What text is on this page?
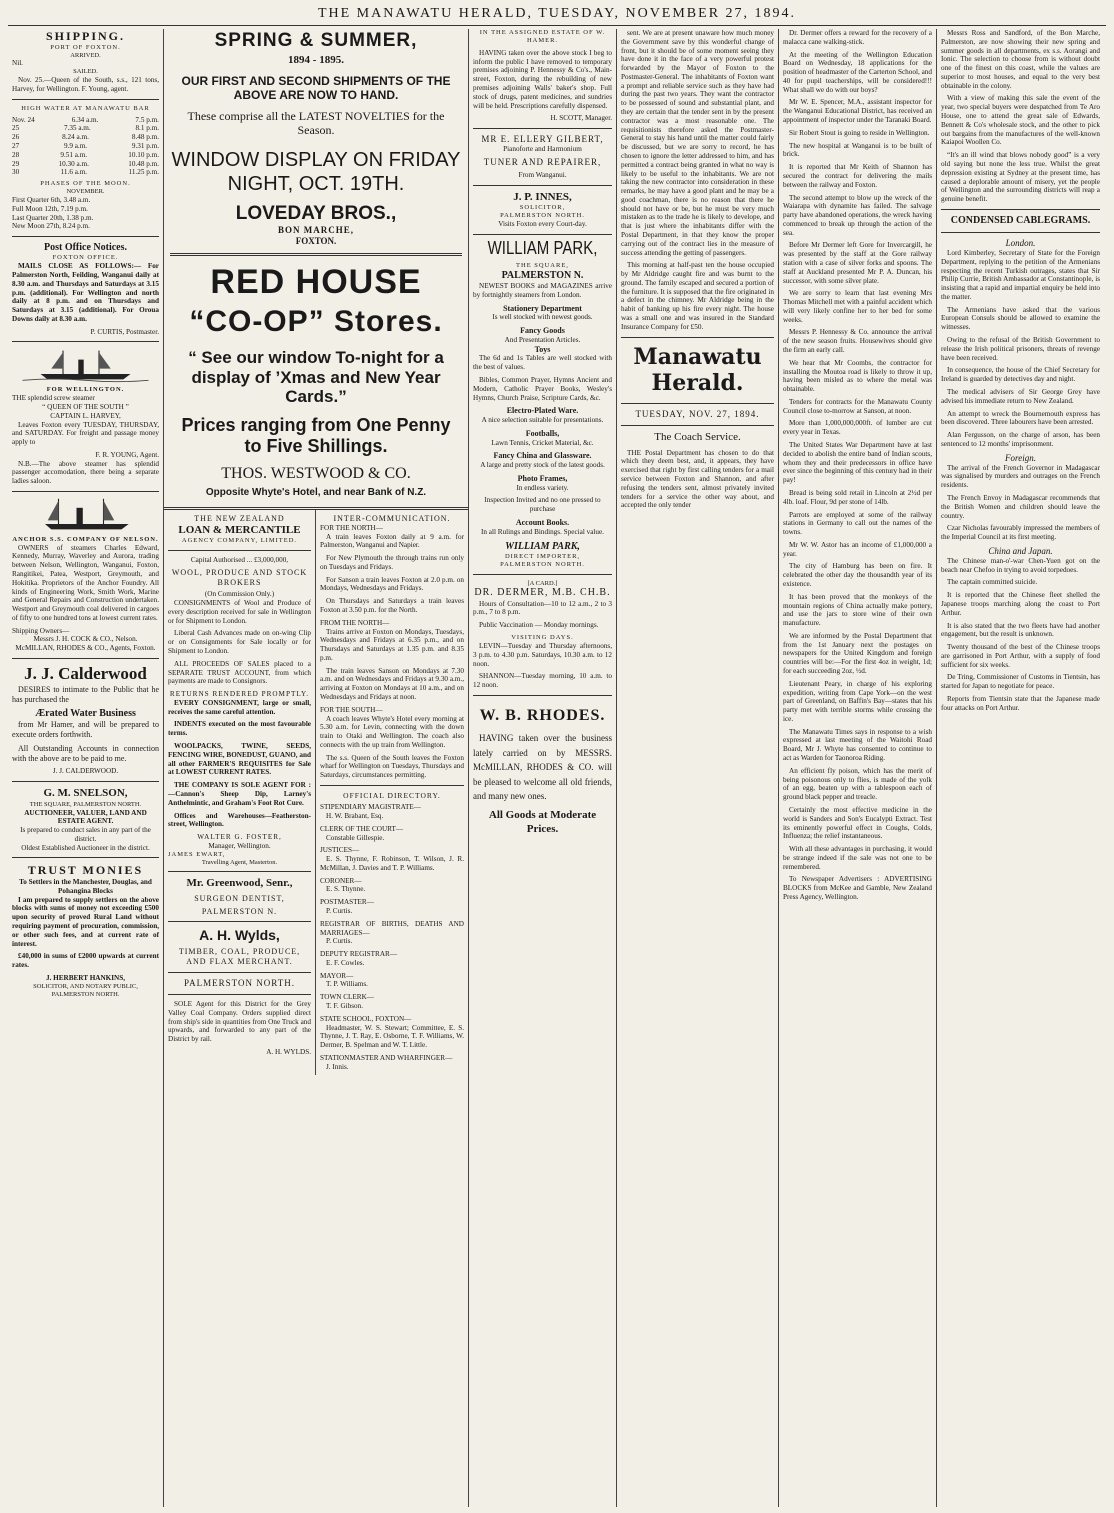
THE MANAWATU HERALD, TUESDAY, NOVEMBER 27, 1894.
SHIPPING.
PORT OF FOXTON.
ARRIVED.
Nil.
SAILED.
Nov. 25.—Queen of the South, s.s., 121 tons, Harvey, for Wellington. F. Young, agent.
HIGH WATER AT MANAWATU BAR
Nov. 24	6.34 a.m.	7.5 p.m.
25	7.35 a.m.	8.1 p.m.
26	8.24 a.m.	8.48 p.m.
27	9.9 a.m.	9.31 p.m.
28	9.51 a.m.	10.10 p.m.
29	10.30 a.m.	10.48 p.m.
30	11.6 a.m.	11.25 p.m.
PHASES OF THE MOON.
NOVEMBER.
First Quarter 6th, 3.48 a.m.
Full Moon 12th, 7.19 p.m.
Last Quarter 20th, 1.38 p.m.
New Moon 27th, 8.24 p.m.
Post Office Notices.
FOXTON OFFICE.
MAILS CLOSE AS FOLLOWS:— For Palmerston North, Feilding, Wanganui daily at 8.30 a.m. and Thursdays and Saturdays at 3.15 p.m. (additional). For Wellington and north daily at 8 p.m. and on Thursdays and Saturdays at 3.15 (additional). For Oroua Downs daily at 8.30 a.m.
P. CURTIS, Postmaster.
FOR WELLINGTON.
THE splendid screw steamer
“ QUEEN OF THE SOUTH ”
CAPTAIN L. HARVEY,
Leaves Foxton every TUESDAY, THURSDAY, and SATURDAY. For freight and passage money apply to
F. R. YOUNG, Agent.
N.B.—The above steamer has splendid passenger accomodation, there being a separate ladies saloon.
ANCHOR S.S. COMPANY OF NELSON.
OWNERS of steamers Charles Edward, Kennedy, Murray, Waverley and Aurora, trading between Nelson, Wellington, Wanganui, Foxton, Rangitikei, Patea, Westport, Greymouth, and Hokitika. Proprietors of the Anchor Foundry. All kinds of Engineering Work, Smith Work, Marine and General Repairs and Construction undertaken. Westport and Greymouth coal delivered in cargoes of fifty to one hundred tons at lowest current rates.
Shipping Owners—
Messrs J. H. COCK & CO., Nelson.
McMILLAN, RHODES & CO., Agents, Foxton.
J. J. Calderwood
DESIRES to intimate to the Public that he has purchased the
Ærated Water Business
from Mr Hamer, and will be prepared to execute orders forthwith.
All Outstanding Accounts in connection with the above are to be paid to me.
J. J. CALDERWOOD.
G. M. SNELSON,
THE SQUARE, PALMERSTON NORTH.
AUCTIONEER, VALUER, LAND AND ESTATE AGENT.
Is prepared to conduct sales in any part of the district.
Oldest Established Auctioneer in the district.
TRUST MONIES
To Settlers in the Manchester, Douglas, and Pohangina Blocks
I am prepared to supply settlers on the above blocks with sums of money not exceeding £500 upon security of proved Rural Land without requiring payment of procuration, commission, or other such fees, and at current rate of interest.
£40,000 in sums of £2000 upwards at current rates.
J. HERBERT HANKINS,
SOLICITOR, AND NOTARY PUBLIC,
PALMERSTON NORTH.
SPRING & SUMMER,
1894 - 1895.
OUR FIRST AND SECOND SHIPMENTS OF THE ABOVE ARE NOW TO HAND.
These comprise all the LATEST NOVELTIES for the Season.
WINDOW DISPLAY ON FRIDAY NIGHT, OCT. 19TH.
LOVEDAY BROS.,
BON MARCHE,
FOXTON.
RED HOUSE
“CO-OP” Stores.
“ See our window To-night for a display of ’Xmas and New Year Cards.”
Prices ranging from One Penny to Five Shillings.
THOS. WESTWOOD & CO.
Opposite Whyte's Hotel, and near Bank of N.Z.
THE NEW ZEALAND
LOAN & MERCANTILE
AGENCY COMPANY, LIMITED.
Capital Authorised ... £3,000,000,
WOOL, PRODUCE AND STOCK BROKERS
(On Commission Only.)
CONSIGNMENTS of Wool and Produce of every description received for sale in Wellington or for Shipment to London.
Liberal Cash Advances made on on-wing Clip or on Consignments for Sale locally or for Shipment to London.
ALL PROCEEDS OF SALES placed to a SEPARATE TRUST ACCOUNT, from which payments are made to Consignors.
RETURNS RENDERED PROMPTLY.
EVERY CONSIGNMENT, large or small, receives the same careful attention.
INDENTS executed on the most favourable terms.
WOOLPACKS, TWINE, SEEDS, FENCING WIRE, BONEDUST, GUANO, and all other FARMER'S REQUISITES for Sale at LOWEST CURRENT RATES.
THE COMPANY IS SOLE AGENT FOR :—Cannon's Sheep Dip, Larney's Anthelmintic, and Graham's Foot Rot Cure.
Offices and Warehouses—Featherston-street, Wellington.
WALTER G. FOSTER,
Manager, Wellington.
JAMES EWART,
Travelling Agent, Masterton.
Mr. Greenwood, Senr.,
SURGEON DENTIST,
PALMERSTON N.
A. H. Wylds,
TIMBER, COAL, PRODUCE, AND FLAX MERCHANT.
PALMERSTON NORTH.
SOLE Agent for this District for the Grey Valley Coal Company. Orders supplied direct from ship's side in quantities from One Truck and upwards, and forwarded to any part of the District by rail.
A. H. WYLDS.
INTER-COMMUNICATION.
FOR THE NORTH—
A train leaves Foxton daily at 9 a.m. for Palmerston, Wanganui and Napier.
For New Plymouth the through trains run only on Tuesdays and Fridays.
For Sanson a train leaves Foxton at 2.0 p.m. on Mondays, Wednesdays and Fridays.
On Thursdays and Saturdays a train leaves Foxton at 3.50 p.m. for the North.
FROM THE NORTH—
Trains arrive at Foxton on Mondays, Tuesdays, Wednesdays and Fridays at 6.35 p.m., and on Thursdays and Saturdays at 1.35 p.m. and 8.35 p.m.
The train leaves Sanson on Mondays at 7.30 a.m. and on Wednesdays and Fridays at 9.30 a.m., arriving at Foxton on Mondays at 10 a.m., and on Wednesdays and Fridays at noon.
FOR THE SOUTH—
A coach leaves Whyte's Hotel every morning at 5.30 a.m. for Levin, connecting with the down train to Otaki and Wellington. The coach also connects with the up train from Wellington.
The s.s. Queen of the South leaves the Foxton wharf for Wellington on Tuesdays, Thursdays and Saturdays, circumstances permitting.
OFFICIAL DIRECTORY.
STIPENDIARY MAGISTRATE—
H. W. Brabant, Esq.
CLERK OF THE COURT—
Constable Gillespie.
JUSTICES—
E. S. Thynne, F. Robinson, T. Wilson, J. R. McMillan, J. Davies and T. P. Williams.
CORONER—
E. S. Thynne.
POSTMASTER—
P. Curtis.
REGISTRAR OF BIRTHS, DEATHS AND MARRIAGES—
P. Curtis.
DEPUTY REGISTRAR—
E. F. Cowles.
MAYOR—
T. P. Williams.
TOWN CLERK—
T. F. Gibson.
STATE SCHOOL, FOXTON—
Headmaster, W. S. Stewart; Committee, E. S. Thynne, J. T. Ray, E. Osborne, T. F. Williams, W. Dermer, B. Spelman and W. T. Little.
STATIONMASTER AND WHARFINGER—
J. Innis.
IN THE ASSIGNED ESTATE OF W. HAMER.
HAVING taken over the above stock I beg to inform the public I have removed to temporary premises adjoining P. Hennessy & Co's., Main-street, Foxton, during the rebuilding of new premises adjoining Walls' baker's shop. Full stock of drugs, patent medicines, and sundries will be held. Prescriptions carefully dispensed.
H. SCOTT, Manager.
MR E. ELLERY GILBERT,
Pianoforte and Harmonium
TUNER AND REPAIRER,
From Wanganui.
J. P. INNES,
SOLICITOR,
PALMERSTON NORTH.
Visits Foxton every Court-day.
WILLIAM PARK,
THE SQUARE,
PALMERSTON N.
NEWEST BOOKS and MAGAZINES arrive by fortnightly steamers from London.
Stationery Department
Is well stocked with newest goods.
Fancy Goods
And Presentation Articles.
Toys
The 6d and 1s Tables are well stocked with the best of values.
Bibles, Common Prayer, Hymns Ancient and Modern, Catholic Prayer Books, Wesley's Hymns, Church Praise, Scripture Cards, &c.
Electro-Plated Ware.
A nice selection suitable for presentations.
Footballs,
Lawn Tennis, Cricket Material, &c.
Fancy China and Glassware.
A large and pretty stock of the latest goods.
Photo Frames,
In endless variety.
Inspection Invited and no one pressed to purchase
Account Books.
In all Rulings and Bindings. Special value.
WILLIAM PARK,
DIRECT IMPORTER,
PALMERSTON NORTH.
[A CARD.]
DR. DERMER, M.B. CH.B.
Hours of Consultation—10 to 12 a.m., 2 to 3 p.m., 7 to 8 p.m.
Public Vaccination — Monday mornings.
VISITING DAYS.
LEVIN—Tuesday and Thursday afternoons, 3 p.m. to 4.30 p.m. Saturdays, 10.30 a.m. to 12 noon.
SHANNON—Tuesday morning, 10 a.m. to 12 noon.
W. B. RHODES.
HAVING taken over the business lately carried on by MESSRS. McMILLAN, RHODES & CO. will be pleased to welcome all old friends, and many new ones.
All Goods at Moderate Prices.
sent. We are at present unaware how much money the Government save by this wonderful change of front, but it should be of some moment seeing they have done it in the face of a very powerful protest forwarded by the Mayor of Foxton to the Postmaster-General. The inhabitants of Foxton want a prompt and reliable service such as they have had during the past two years. They want the contractor to be possessed of sound and substantial plant, and they are certain that the tender sent in by the present contractor was a most reasonable one. The requisitionists therefore asked the Postmaster-General to stay his hand until the matter could fairly be discussed, but we are sorry to record, he has chosen to ignore the letter addressed to him, and has permitted a contract being granted in what no way is likely to be useful to the inhabitants. We are not taking the new contractor into consideration in these remarks, he may have a good plant and he may be a good coachman, there is no reason that there he should not have or be, but he must be very much mistaken as to the trade he is likely to develope, and that is just where the inhabitants differ with the Postal Department, in that they know the proper carrying out of the contract lies in the measure of success attending the getting of passengers.
This morning at half-past ten the house occupied by Mr Aldridge caught fire and was burnt to the ground. The family escaped and secured a portion of the furniture. It is supposed that the fire originated in a defect in the chimney. Mr Aldridge being in the habit of banking up his fire every night. The house was a small one and was insured in the Standard Insurance Company for £50.
Manawatu Herald.
TUESDAY, NOV. 27, 1894.
The Coach Service.
THE Postal Department has chosen to do that which they deem best, and, it appears, they have exercised that right by first calling tenders for a mail service between Foxton and Shannon, and after refusing the tenders sent, almost privately invited tenders for a service the other way about, and accepted the only tender
Dr. Dermer offers a reward for the recovery of a malacca cane walking-stick.
At the meeting of the Wellington Education Board on Wednesday, 18 applications for the position of headmaster of the Carterton School, and 40 for pupil teacherships, will be considered!!! What shall we do with our boys?
Mr W. E. Spencer, M.A., assistant inspector for the Wanganui Educational District, has received an appointment of inspector under the Taranaki Board.
Sir Robert Stout is going to reside in Wellington.
The new hospital at Wanganui is to be built of brick.
It is reported that Mr Keith of Shannon has secured the contract for delivering the mails between the railway and Foxton.
The second attempt to blow up the wreck of the Waiarapa with dynamite has failed. The salvage party have abandoned operations, the wreck having commenced to break up through the action of the sea.
Before Mr Dermer left Gore for Invercargill, he was presented by the staff at the Gore railway station with a case of silver forks and spoons. The staff at Auckland presented Mr P. A. Duncan, his successor, with some silver plate.
We are sorry to learn that last evening Mrs Thomas Mitchell met with a painful accident which will very likely confine her to her bed for some weeks.
Messrs P. Hennessy & Co. announce the arrival of the new season fruits. Housewives should give the firm an early call.
We hear that Mr Coombs, the contractor for installing the Moutoa road is likely to throw it up, having been misled as to where the metal was obtainable.
Tenders for contracts for the Manawatu County Council close to-morrow at Sanson, at noon.
More than 1,000,000,000ft. of lumber are cut every year in Texas.
The United States War Department have at last decided to abolish the entire band of Indian scouts, whom they and their predecessors in office have ever since the beginning of this century had in their pay!
Bread is being sold retail in Lincoln at 2½d per 4lb. loaf. Flour, 9d per stone of 14lb.
Parrots are employed at some of the railway stations in Germany to call out the names of the towns.
Mr W. W. Astor has an income of £1,000,000 a year.
The city of Hamburg has been on fire. It celebrated the other day the thousandth year of its existence.
It has been proved that the monkeys of the mountain regions of China actually make pottery, and use the jars to store wine of their own manufacture.
We are informed by the Postal Department that from the 1st January next the postages on newspapers for the United Kingdom and foreign countries will be:—For the first 4oz in weight, 1d; for each succeeding 2oz, ½d.
Lieutenant Peary, in charge of his exploring expedition, writing from Cape York—on the west part of Greenland, on Baffin's Bay—states that his party met with terrible storms while crossing the ice.
The Manawatu Times says in response to a wish expressed at last meeting of the Waitohi Road Board, Mr J. Whyte has consented to continue to act as Warden for Taonoroa Riding.
An efficient fly poison, which has the merit of being poisonous only to flies, is made of the yolk of an egg, beaten up with a tablespoon each of ground black pepper and treacle.
Certainly the most effective medicine in the world is Sanders and Son's Eucalypti Extract. Test its eminently powerful effect in Coughs, Colds, Influenza; the relief instantaneous.
With all these advantages in purchasing, it would be strange indeed if the sale was not one to be remembered.
To Newspaper Advertisers : ADVERTISING BLOCKS from McKee and Gamble, New Zealand Press Agency, Wellington.
Messrs Ross and Sandford, of the Bon Marche, Palmerston, are now showing their new spring and summer goods in all departments, ex s.s. Aorangi and Ionic. The selection to choose from is without doubt one of the finest on this coast, while the values are superior to most houses, and equal to the very best obtainable in the colony.
With a view of making this sale the event of the year, two special buyers were despatched from Te Aro House, one to attend the great sale of Edwards, Bennett & Co's wholesale stock, and the other to pick out bargains from the manufactures of the well-known Kaiapoi Woollen Co.
“It's an ill wind that blows nobody good” is a very old saying but none the less true. Whilst the great depression existing at Sydney at the present time, has caused a deplorable amount of misery, yet the people of Wellington and the surrounding districts will reap a genuine benefit.
CONDENSED CABLEGRAMS.
London.
Lord Kimberley, Secretary of State for the Foreign Department, replying to the petition of the Armenians respecting the recent Turkish outrages, states that Sir Philip Currie, British Ambassador at Constantinople, is insisting that a rapid and impartial enquiry be held into the matter.
The Armenians have asked that the various European Consuls should be allowed to examine the witnesses.
Owing to the refusal of the British Government to release the Irish political prisoners, threats of revenge have been received.
In consequence, the house of the Chief Secretary for Ireland is guarded by detectives day and night.
The medical advisers of Sir George Grey have advised his immediate return to New Zealand.
An attempt to wreck the Bournemouth express has been discovered. Three labourers have been arrested.
Alan Fergusson, on the charge of arson, has been sentenced to 12 months' imprisonment.
Foreign.
The arrival of the French Governor in Madagascar was signalised by murders and outrages on the French residents.
The French Envoy in Madagascar recommends that the British Women and children should leave the country.
Czar Nicholas favourably impressed the members of the Imperial Council at its first meeting.
China and Japan.
The Chinese man-o'-war Chen-Yuen got on the beach near Chefoo in trying to avoid torpedoes.
The captain committed suicide.
It is reported that the Chinese fleet shelled the Japanese troops marching along the coast to Port Arthur.
It is also stated that the two fleets have had another engagement, but the result is unknown.
Twenty thousand of the best of the Chinese troops are garrisoned in Port Arthur, with a supply of food sufficient for six weeks.
De Tring, Commissioner of Customs in Tientsin, has started for Japan to negotiate for peace.
Reports from Tientsin state that the Japanese made four attacks on Port Arthur.
